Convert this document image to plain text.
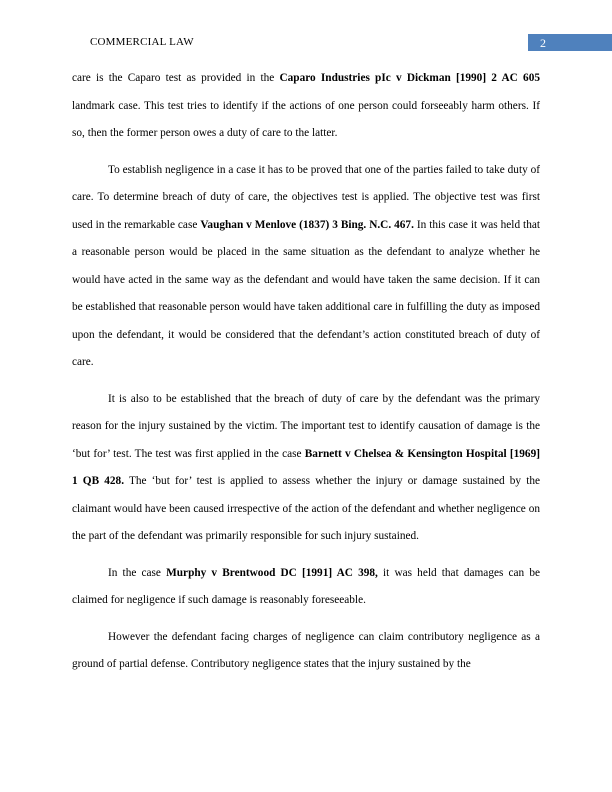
COMMERCIAL LAW	2

care is the Caparo test as provided in the Caparo Industries pIc v Dickman [1990] 2 AC 605 landmark case. This test tries to identify if the actions of one person could forseeably harm others. If so, then the former person owes a duty of care to the latter.

To establish negligence in a case it has to be proved that one of the parties failed to take duty of care. To determine breach of duty of care, the objectives test is applied. The objective test was first used in the remarkable case Vaughan v Menlove (1837) 3 Bing. N.C. 467. In this case it was held that a reasonable person would be placed in the same situation as the defendant to analyze whether he would have acted in the same way as the defendant and would have taken the same decision. If it can be established that reasonable person would have taken additional care in fulfilling the duty as imposed upon the defendant, it would be considered that the defendant’s action constituted breach of duty of care.

It is also to be established that the breach of duty of care by the defendant was the primary reason for the injury sustained by the victim. The important test to identify causation of damage is the ‘but for’ test. The test was first applied in the case Barnett v Chelsea & Kensington Hospital [1969] 1 QB 428. The ‘but for’ test is applied to assess whether the injury or damage sustained by the claimant would have been caused irrespective of the action of the defendant and whether negligence on the part of the defendant was primarily responsible for such injury sustained.

In the case Murphy v Brentwood DC [1991] AC 398, it was held that damages can be claimed for negligence if such damage is reasonably foreseeable.

However the defendant facing charges of negligence can claim contributory negligence as a ground of partial defense. Contributory negligence states that the injury sustained by the
